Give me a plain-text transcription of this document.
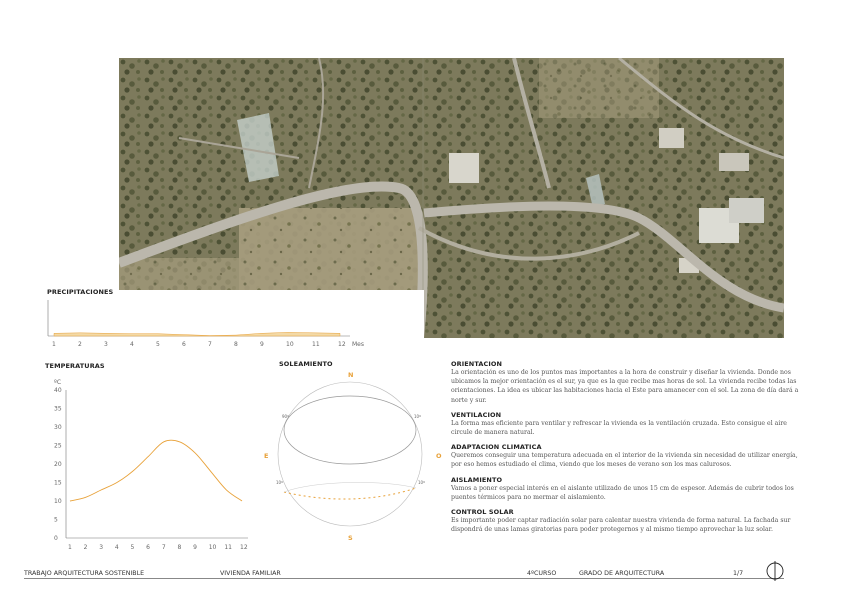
PRECIPITACIONES
1	2	3	4	5	6	7	8	9	10	11	12 Mes
TEMPERATURAS
0
5
10
15
20
25
30
35
40
1 2 3 4 5 6 7 8 9 10 11 12
ºC
SOLEAMIENTO
N
S
E	O
90º	10º
10º	10º
ORIENTACION
La orientación es uno de los puntos mas importantes a la hora de construir y diseñar la vivienda. Donde nos ubicamos la mejor orientación es el sur, ya que es la que recibe mas horas de sol. La vivienda recibe todas las orientaciones. La idea es ubicar las habitaciones hacia el Este para amanecer con el sol. La zona de día dará a norte y sur.
VENTILACION
La forma mas eficiente para ventilar y refrescar la vivienda es la ventilación cruzada. Esto consigue el aire circule de manera natural.
ADAPTACION CLIMATICA
Queremos conseguir una temperatura adecuada en el interior de la vivienda sin necesidad de utilizar energía, por eso hemos estudiado el clima, viendo que los meses de verano son los mas calurosos.
AISLAMIENTO
Vamos a poner especial interés en el aislante utilizado de unos 15 cm de espesor. Además de cubrir todos los puentes térmicos para no mermar el aislamiento.
CONTROL SOLAR
Es importante poder captar radiación solar para calentar nuestra vivienda de forma natural. La fachada sur dispondrá de unas lamas giratorias para poder protegernos y al mismo tiempo aprovechar la luz solar.
TRABAJO ARQUITECTURA SOSTENIBLE	VIVIENDA FAMILIAR	4ºCURSO	GRADO DE ARQUITECTURA	1/7
